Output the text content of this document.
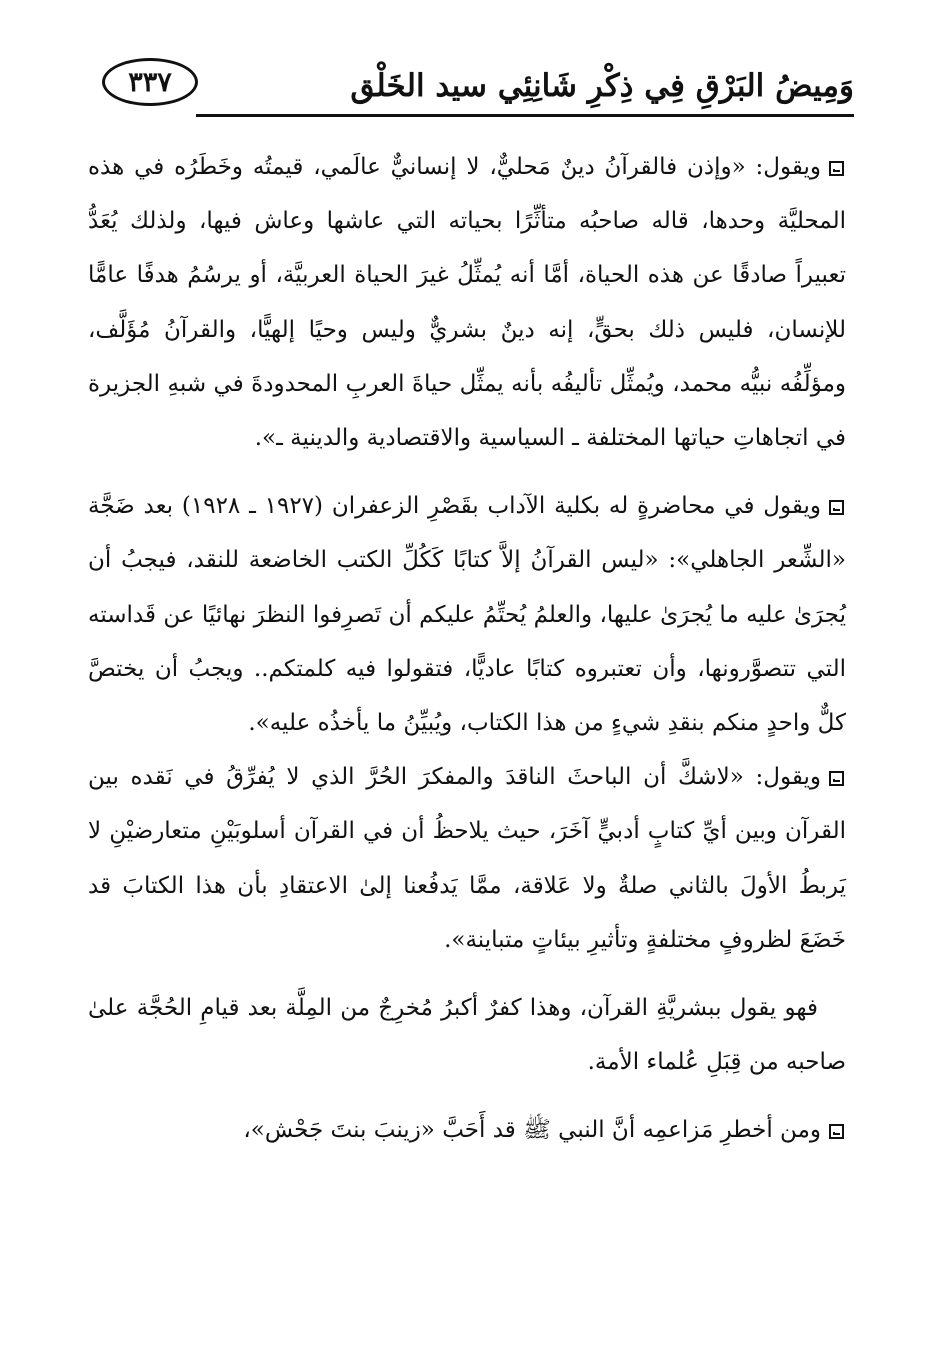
وَمِيضُ البَرْقِ فِي ذِكْرِ شَانِئِي سيد الخَلْق
٣٣٧

ويقول: «وإذن فالقرآنُ دينٌ مَحليٌّ، لا إنسانيٌّ عالَمي، قيمتُه وخَطَرُه في هذه المحليَّة وحدها، قاله صاحبُه متأثِّرًا بحياته التي عاشها وعاش فيها، ولذلك يُعَدُّ تعبيراً صادقًا عن هذه الحياة، أمَّا أنه يُمثِّلُ غيرَ الحياة العربيَّة، أو يرسُمُ هدفًا عامًّا للإنسان، فليس ذلك بحقٍّ، إنه دينٌ بشريٌّ وليس وحيًا إلهيًّا، والقرآنُ مُؤَلَّف، ومؤلِّفُه نبيُّه محمد، ويُمثِّل تأليفُه بأنه يمثِّل حياةَ العربِ المحدودةَ في شبهِ الجزيرة في اتجاهاتِ حياتها المختلفة ـ السياسية والاقتصادية والدينية ـ».

ويقول في محاضرةٍ له بكلية الآداب بقَصْرِ الزعفران (١٩٢٧ ـ ١٩٢٨) بعد ضَجَّة «الشِّعر الجاهلي»: «ليس القرآنُ إلاَّ كتابًا كَكُلِّ الكتب الخاضعة للنقد، فيجبُ أن يُجرَىٰ عليه ما يُجرَىٰ عليها، والعلمُ يُحتِّمُ عليكم أن تَصرِفوا النظرَ نهائيًا عن قَداسته التي تتصوَّرونها، وأن تعتبروه كتابًا عاديًّا، فتقولوا فيه كلمتكم.. ويجبُ أن يختصَّ كلٌّ واحدٍ منكم بنقدِ شيءٍ من هذا الكتاب، ويُبيِّنُ ما يأخذُه عليه».

ويقول: «لاشكَّ أن الباحثَ الناقدَ والمفكرَ الحُرَّ الذي لا يُفرِّقُ في نَقده بين القرآن وبين أيِّ كتابٍ أدبيٍّ آخَرَ، حيث يلاحظُ أن في القرآن أسلوبَيْنِ متعارضيْنِ لا يَربطُ الأولَ بالثاني صلةٌ ولا عَلاقة، ممَّا يَدفُعنا إلىٰ الاعتقادِ بأن هذا الكتابَ قد خَضَعَ لظروفٍ مختلفةٍ وتأثيرِ بيئاتٍ متباينة».

فهو يقول ببشريَّةِ القرآن، وهذا كفرٌ أكبرُ مُخرِجٌ من المِلَّة بعد قيامِ الحُجَّة علىٰ صاحبه من قِبَلِ عُلماء الأمة.

ومن أخطرِ مَزاعمِه أنَّ النبي ﷺ قد أَحَبَّ «زينبَ بنتَ جَحْش»،
